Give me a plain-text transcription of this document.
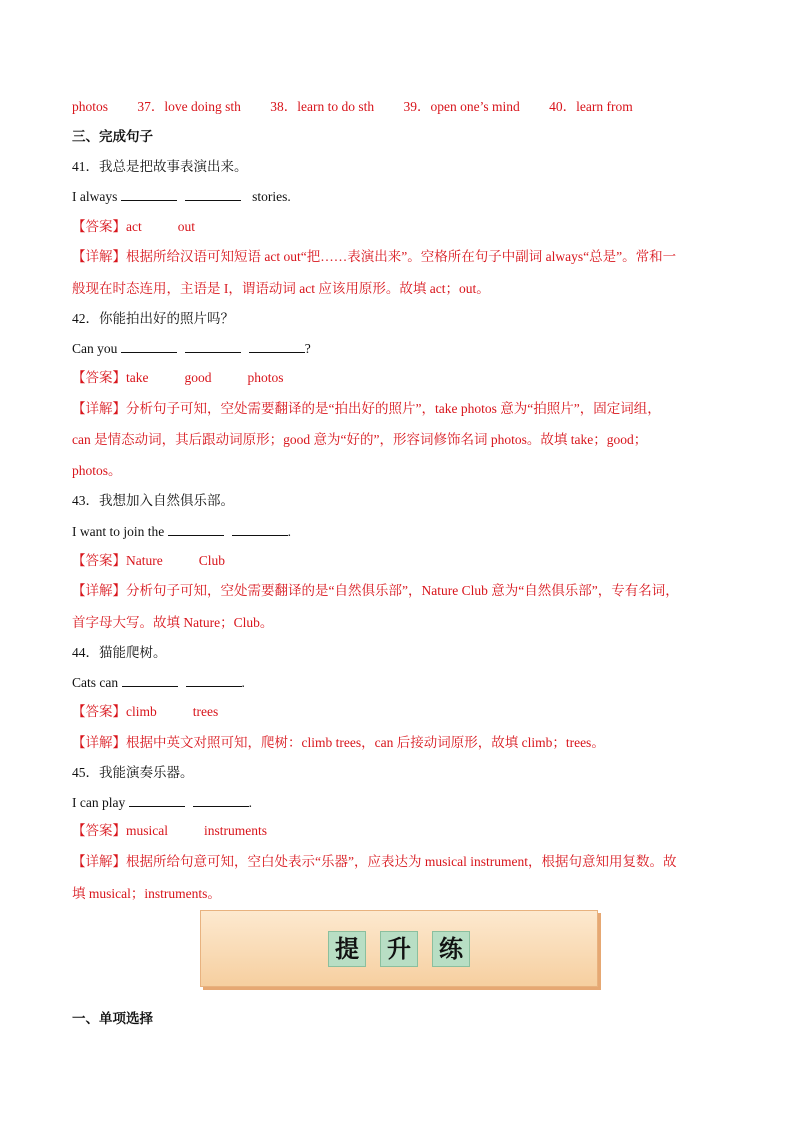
photos 37．love doing sth 38．learn to do sth 39．open one’s mind 40．learn from
三、完成句子
41．我总是把故事表演出来。
I always	stories.
【答案】act	out
【详解】根据所给汉语可知短语 act out“把……表演出来”。空格所在句子中副词 always“总是”。常和一
般现在时态连用，主语是 I，谓语动词 act 应该用原形。故填 act；out。
42．你能拍出好的照片吗？
Can you	?
【答案】take	good	photos
【详解】分析句子可知，空处需要翻译的是“拍出好的照片”，take photos 意为“拍照片”，固定词组，
can 是情态动词，其后跟动词原形；good 意为“好的”，形容词修饰名词 photos。故填 take；good；
photos。
43．我想加入自然俱乐部。
I want to join the	.
【答案】Nature	Club
【详解】分析句子可知，空处需要翻译的是“自然俱乐部”，Nature Club 意为“自然俱乐部”，专有名词，
首字母大写。故填 Nature；Club。
44．猫能爬树。
Cats can	.
【答案】climb	trees
【详解】根据中英文对照可知，爬树：climb trees，can 后接动词原形，故填 climb；trees。
45．我能演奏乐器。
I can play	.
【答案】musical	instruments
【详解】根据所给句意可知，空白处表示“乐器”，应表达为 musical instrument，根据句意知用复数。故
填 musical；instruments。
提 升 练
一、单项选择
